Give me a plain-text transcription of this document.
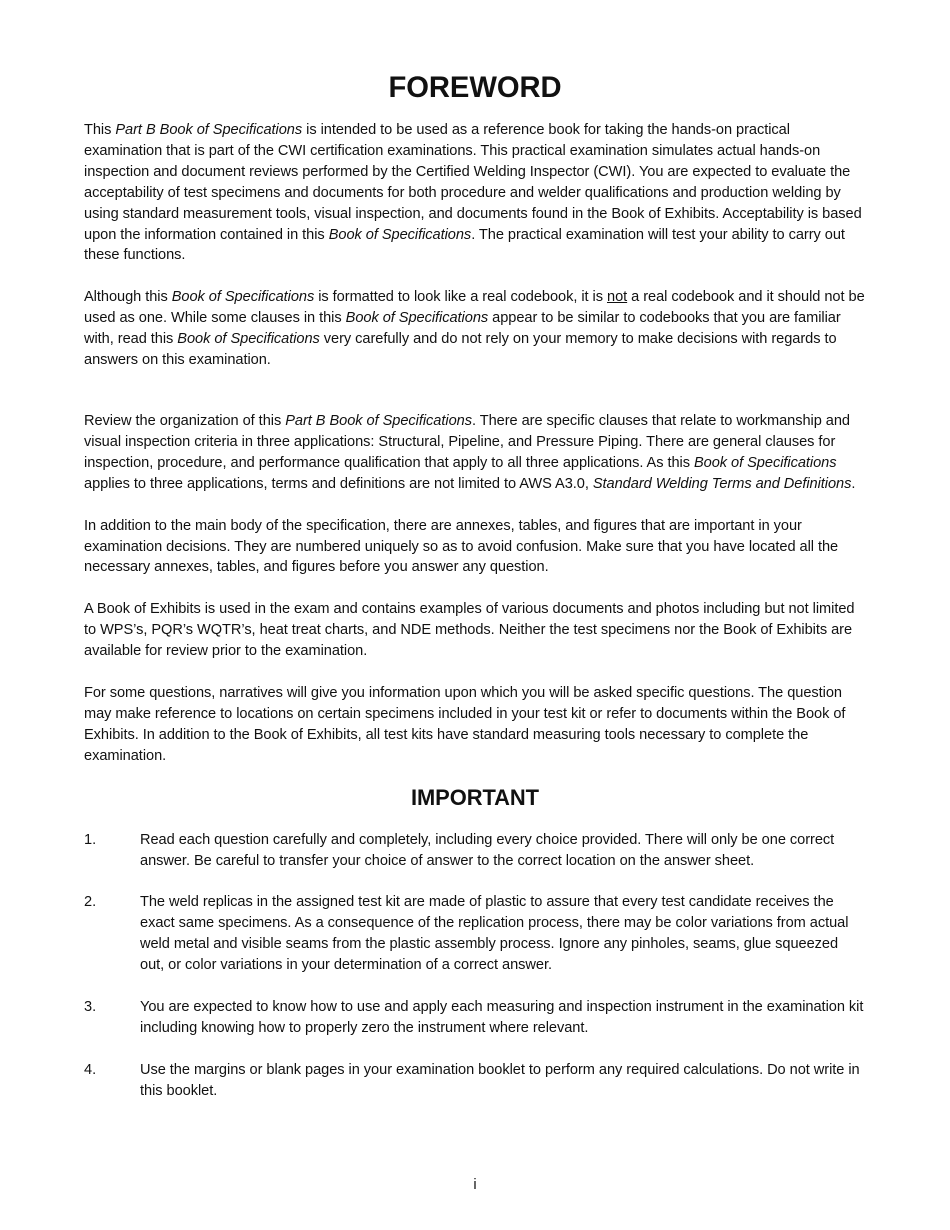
FOREWORD

This Part B Book of Specifications is intended to be used as a reference book for taking the hands-on practical examination that is part of the CWI certification examinations. This practical examination simulates actual hands-on inspection and document reviews performed by the Certified Welding Inspector (CWI). You are expected to evaluate the acceptability of test specimens and documents for both procedure and welder qualifications and production welding by using standard measurement tools, visual inspection, and documents found in the Book of Exhibits. Acceptability is based upon the information contained in this Book of Specifications. The practical examination will test your ability to carry out these functions.

Although this Book of Specifications is formatted to look like a real codebook, it is not a real codebook and it should not be used as one. While some clauses in this Book of Specifications appear to be similar to codebooks that you are familiar with, read this Book of Specifications very carefully and do not rely on your memory to make decisions with regards to answers on this examination.

Review the organization of this Part B Book of Specifications. There are specific clauses that relate to workmanship and visual inspection criteria in three applications: Structural, Pipeline, and Pressure Piping. There are general clauses for inspection, procedure, and performance qualification that apply to all three applications. As this Book of Specifications applies to three applications, terms and definitions are not limited to AWS A3.0, Standard Welding Terms and Definitions.

In addition to the main body of the specification, there are annexes, tables, and figures that are important in your examination decisions. They are numbered uniquely so as to avoid confusion. Make sure that you have located all the necessary annexes, tables, and figures before you answer any question.

A Book of Exhibits is used in the exam and contains examples of various documents and photos including but not limited to WPS’s, PQR’s WQTR’s, heat treat charts, and NDE methods. Neither the test specimens nor the Book of Exhibits are available for review prior to the examination.

For some questions, narratives will give you information upon which you will be asked specific questions. The question may make reference to locations on certain specimens included in your test kit or refer to documents within the Book of Exhibits. In addition to the Book of Exhibits, all test kits have standard measuring tools necessary to complete the examination.

IMPORTANT
1.	Read each question carefully and completely, including every choice provided. There will only be one correct answer. Be careful to transfer your choice of answer to the correct location on the answer sheet.
2.	The weld replicas in the assigned test kit are made of plastic to assure that every test candidate receives the exact same specimens. As a consequence of the replication process, there may be color variations from actual weld metal and visible seams from the plastic assembly process. Ignore any pinholes, seams, glue squeezed out, or color variations in your determination of a correct answer.
3.	You are expected to know how to use and apply each measuring and inspection instrument in the examination kit including knowing how to properly zero the instrument where relevant.
4.	Use the margins or blank pages in your examination booklet to perform any required calculations. Do not write in this booklet.
i
